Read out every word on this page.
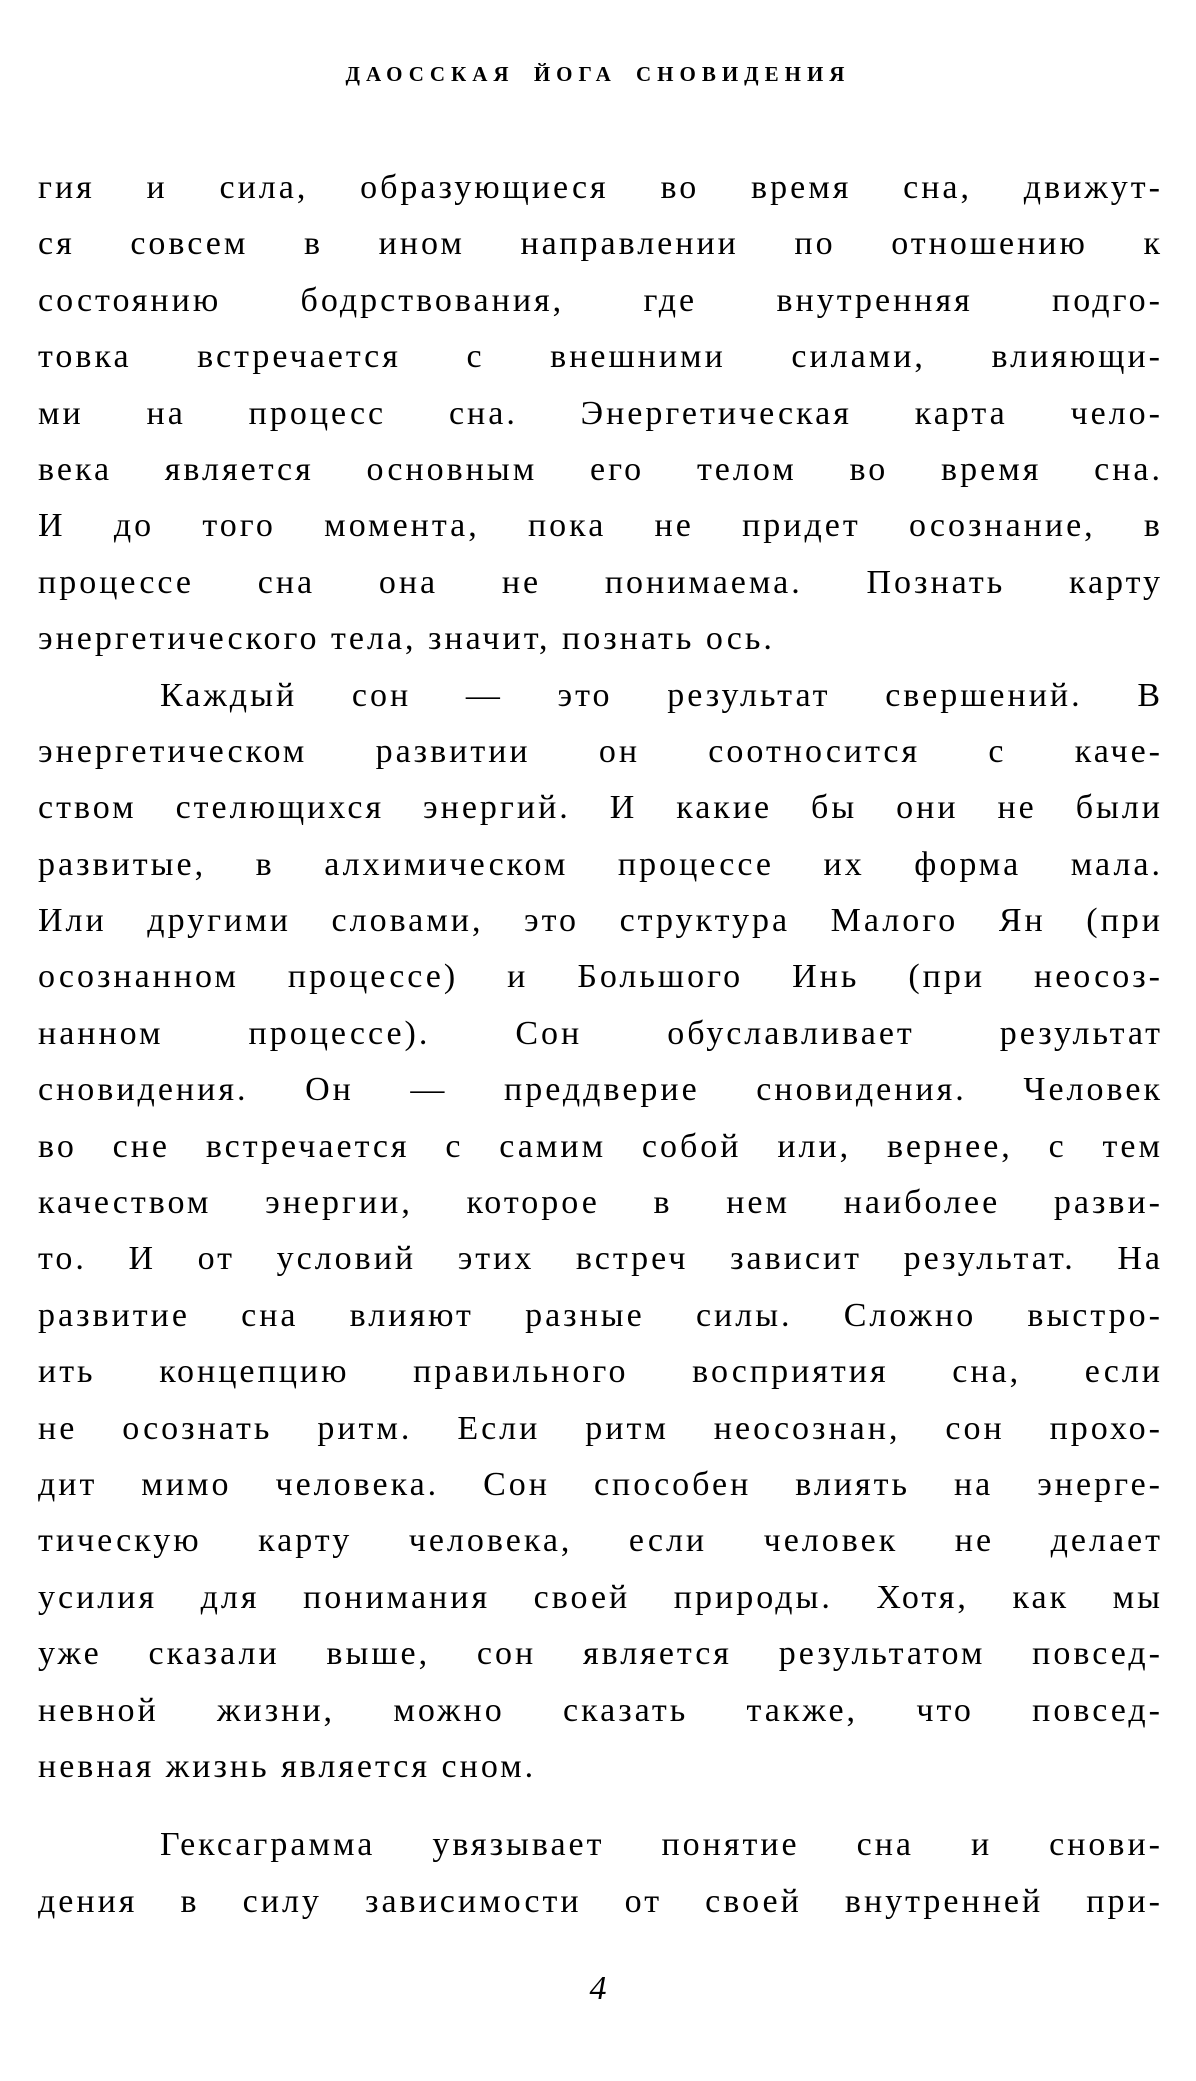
ДАОССКАЯ ЙОГА СНОВИДЕНИЯ
гия и сила, образующиеся во время сна, движут-
ся совсем в ином направлении по отношению к
состоянию бодрствования, где внутренняя подго-
товка встречается с внешними силами, влияющи-
ми на процесс сна. Энергетическая карта чело-
века является основным его телом во время сна.
И до того момента, пока не придет осознание, в
процессе сна она не понимаема. Познать карту
энергетического тела, значит, познать ось.
Каждый сон — это результат свершений. В
энергетическом развитии он соотносится с каче-
ством стелющихся энергий. И какие бы они не были
развитые, в алхимическом процессе их форма мала.
Или другими словами, это структура Малого Ян (при
осознанном процессе) и Большого Инь (при неосоз-
нанном процессе). Сон обуславливает результат
сновидения. Он — преддверие сновидения. Человек
во сне встречается с самим собой или, вернее, с тем
качеством энергии, которое в нем наиболее разви-
то. И от условий этих встреч зависит результат. На
развитие сна влияют разные силы. Сложно выстро-
ить концепцию правильного восприятия сна, если
не осознать ритм. Если ритм неосознан, сон прохо-
дит мимо человека. Сон способен влиять на энерге-
тическую карту человека, если человек не делает
усилия для понимания своей природы. Хотя, как мы
уже сказали выше, сон является результатом повсед-
невной жизни, можно сказать также, что повсед-
невная жизнь является сном.
Гексаграмма увязывает понятие сна и снови-
дения в силу зависимости от своей внутренней при-
4
